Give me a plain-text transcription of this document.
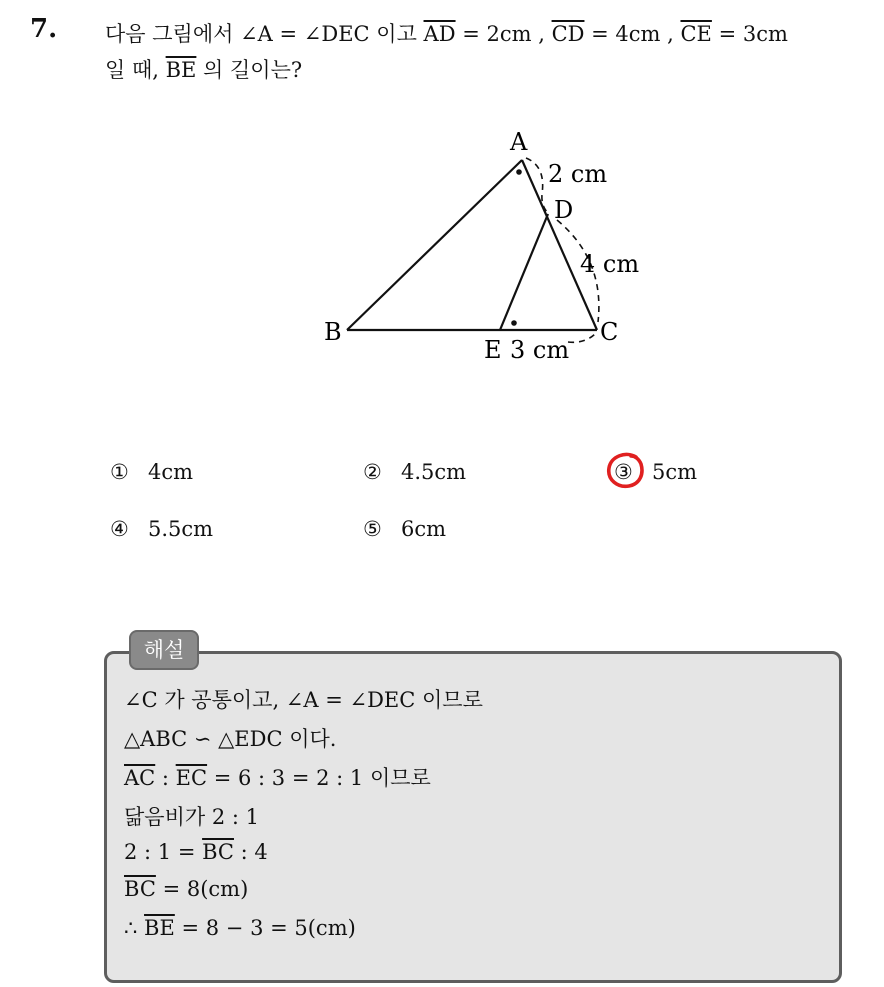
7. 다음 그림에서 ∠A = ∠DEC 이고 $\overline{AD} = 2cm$ , $\overline{CD} = 4cm$ , $\overline{CE} = 3cm$
일 때, $\overline{BE}$ 의 길이는?
A
B	C
D
E
2 cm
4 cm
3 cm
① 4cm	② 4.5cm	③ 5cm
④ 5.5cm	⑤ 6cm
해설
∠C 가 공통이고, ∠A = ∠DEC 이므로
△ABC ∽ △EDC 이다.
$\overline{AC}$ : $\overline{EC} = 6$ : 3 = 2 : 1 이므로
닮음비가 2 : 1
2 : $1 = \overline{BC}$ : 4
$\overline{BC} = 8(cm)$
∴ $\overline{BE} = 8 - 3 = 5(cm)$
